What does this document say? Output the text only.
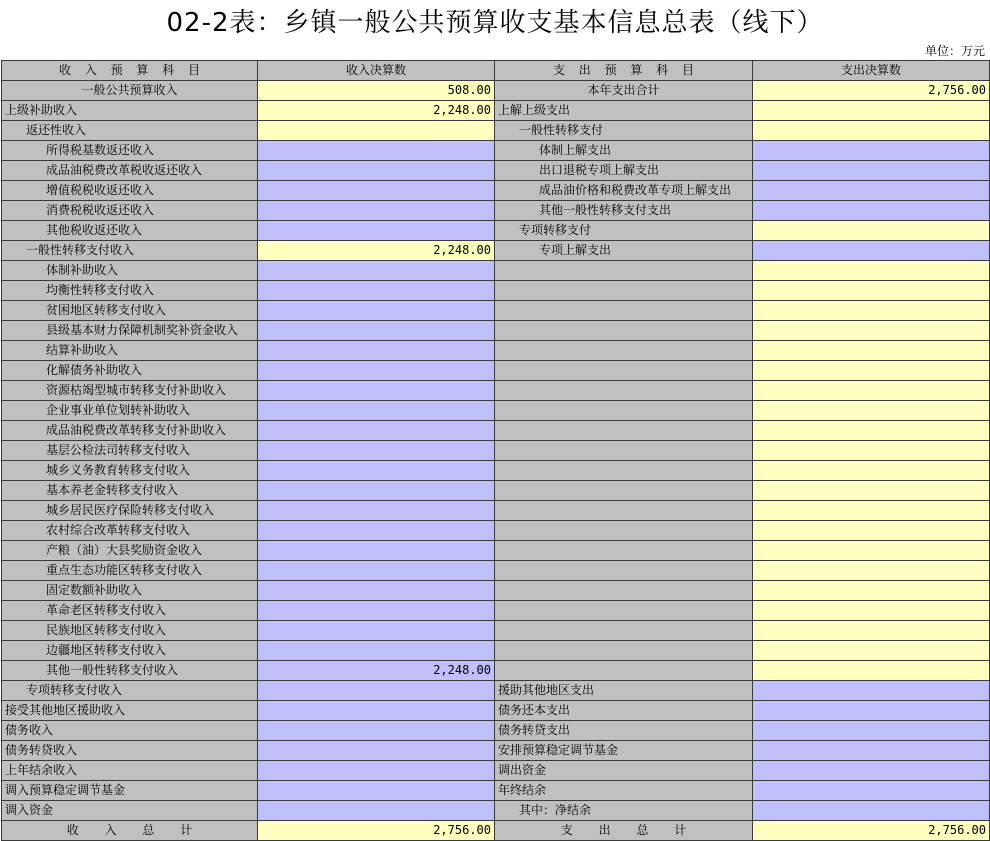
02-2表：乡镇一般公共预算收支基本信息总表（线下）
单位：万元
收 入 预 算 科 目	收入决算数	支 出 预 算 科 目	支出决算数
一般公共预算收入	508.00	本年支出合计	2,756.00
上级补助收入	2,248.00	上解上级支出	
返还性收入		一般性转移支付	
所得税基数返还收入		体制上解支出	
成品油税费改革税收返还收入		出口退税专项上解支出	
增值税税收返还收入		成品油价格和税费改革专项上解支出	
消费税税收返还收入		其他一般性转移支付支出	
其他税收返还收入		专项转移支付	
一般性转移支付收入	2,248.00	专项上解支出	
体制补助收入			
均衡性转移支付收入			
贫困地区转移支付收入			
县级基本财力保障机制奖补资金收入			
结算补助收入			
化解债务补助收入			
资源枯竭型城市转移支付补助收入			
企业事业单位划转补助收入			
成品油税费改革转移支付补助收入			
基层公检法司转移支付收入			
城乡义务教育转移支付收入			
基本养老金转移支付收入			
城乡居民医疗保险转移支付收入			
农村综合改革转移支付收入			
产粮（油）大县奖励资金收入			
重点生态功能区转移支付收入			
固定数额补助收入			
革命老区转移支付收入			
民族地区转移支付收入			
边疆地区转移支付收入			
其他一般性转移支付收入	2,248.00		
专项转移支付收入		援助其他地区支出	
接受其他地区援助收入		债务还本支出	
债务收入		债务转贷支出	
债务转贷收入		安排预算稳定调节基金	
上年结余收入		调出资金	
调入预算稳定调节基金		年终结余	
调入资金		其中：净结余	
收 入 总 计	2,756.00	支 出 总 计	2,756.00
